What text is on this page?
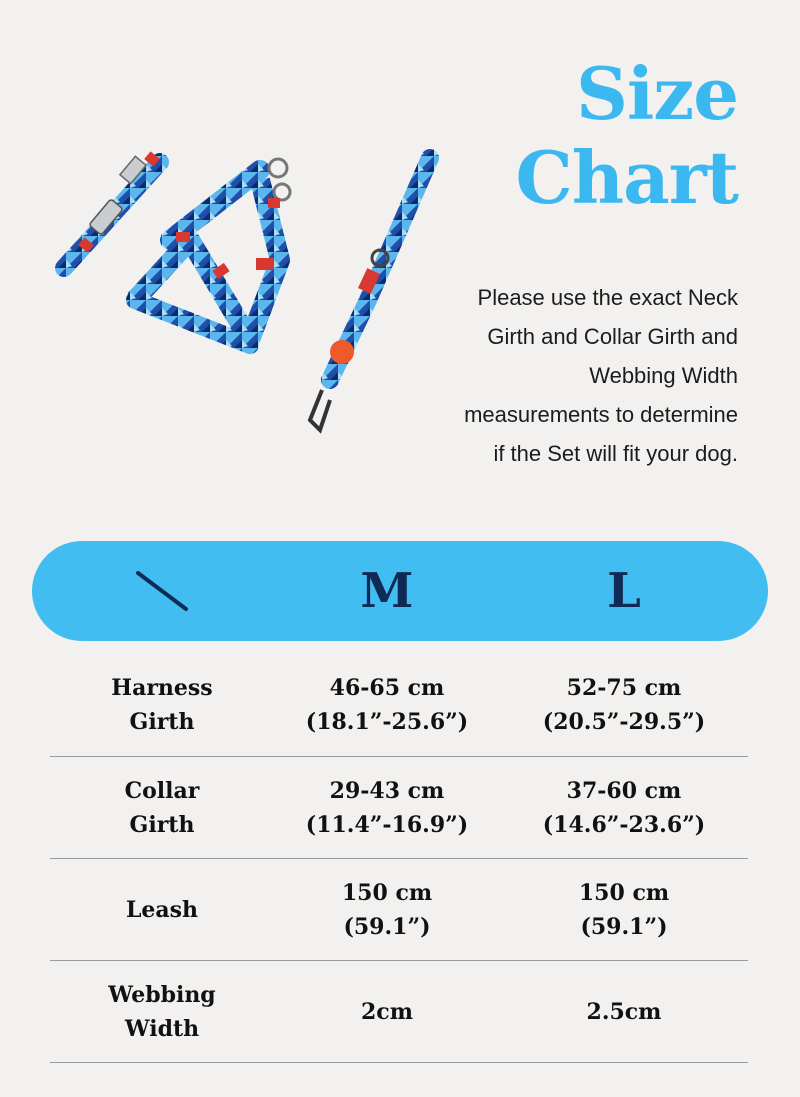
Size
Chart
Please use the exact Neck
Girth and Collar Girth and
Webbing Width
measurements to determine
if the Set will fit your dog.
M	L
Harness
Girth
46-65 cm
(18.1”-25.6”)
52-75 cm
(20.5”-29.5”)
Collar
Girth
29-43 cm
(11.4”-16.9”)
37-60 cm
(14.6”-23.6”)
Leash
150 cm
(59.1”)
150 cm
(59.1”)
Webbing
Width
2cm	2.5cm
